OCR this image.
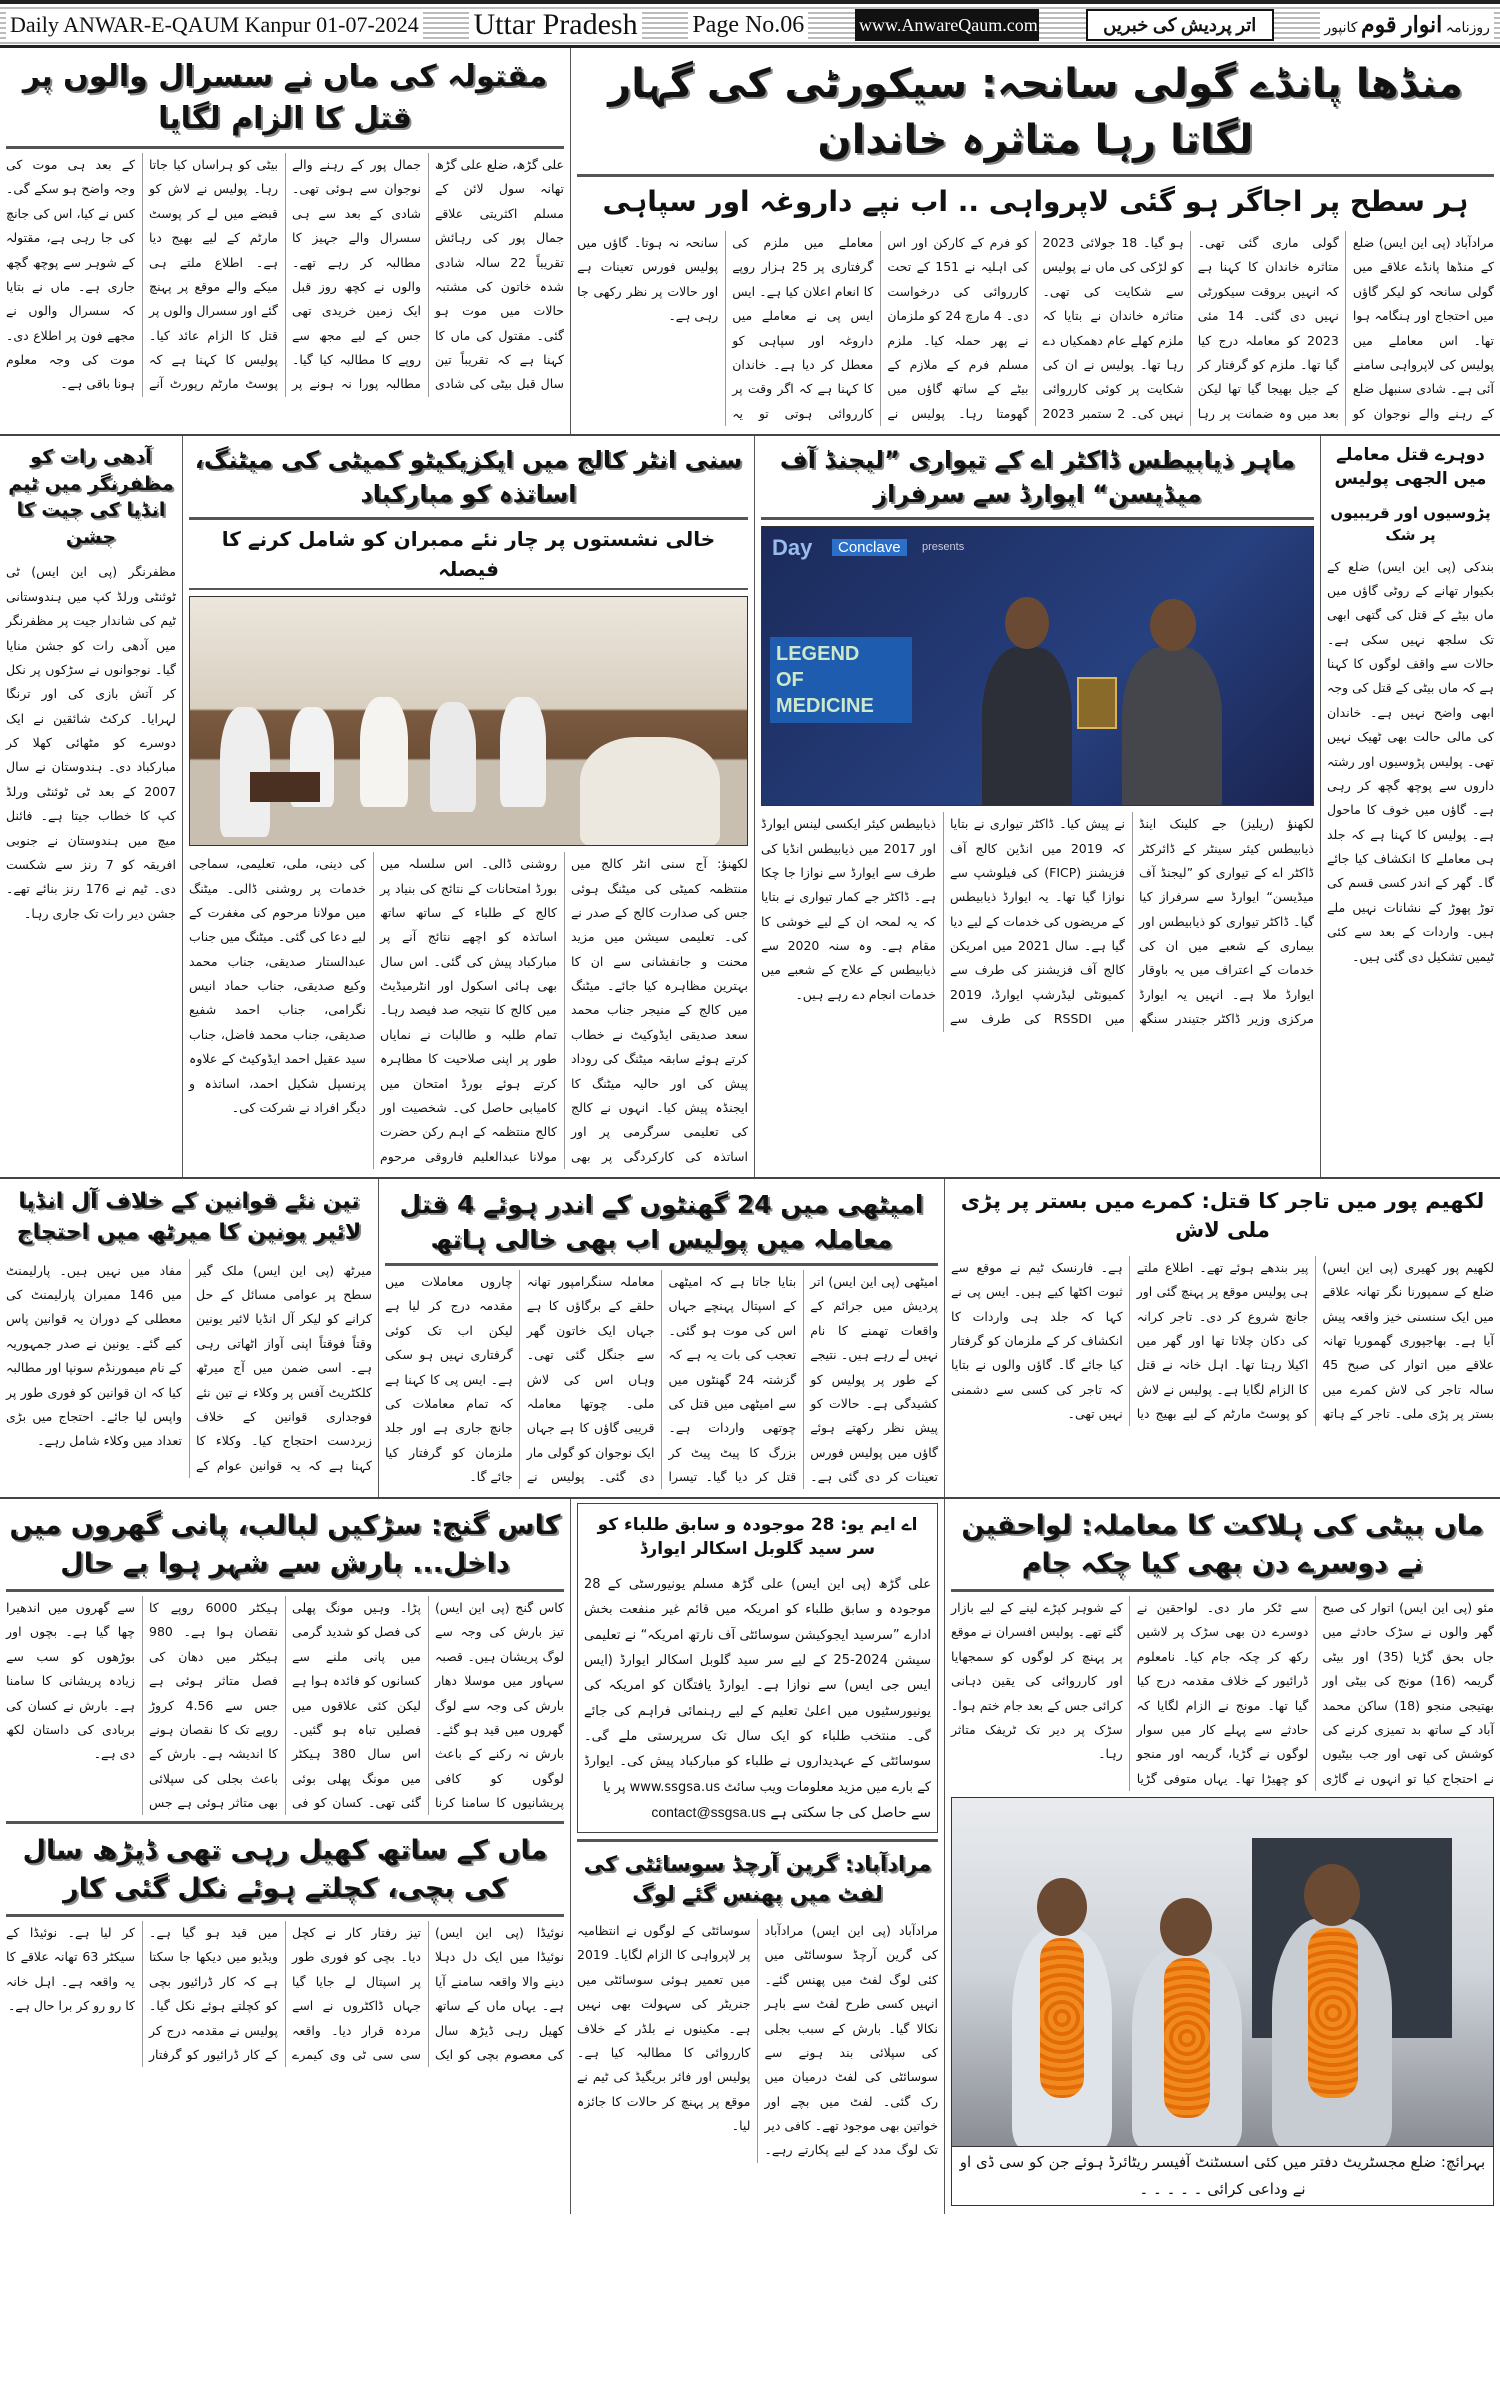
Daily ANWAR-E-QAUM Kanpur 01-07-2024 Uttar Pradesh Page No.06	www.AnwareQaum.com	اتر پردیش کی خبریں	روزنامہ انوار قوم کانپور
مقتولہ کی ماں نے سسرال والوں پر قتل کا الزام لگایا
علی گڑھ، ضلع علی گڑھ تھانہ سول لائن کے مسلم اکثریتی علاقے جمال پور کی رہائش تقریباً 22 سالہ شادی شدہ خاتون کی مشتبہ حالات میں موت ہو گئی۔ مقتول کی ماں کا کہنا ہے کہ تقریباً تین سال قبل بیٹی کی شادی جمال پور کے رہنے والے نوجوان سے ہوئی تھی۔ شادی کے بعد سے ہی سسرال والے جہیز کا مطالبہ کر رہے تھے۔ والوں نے کچھ روز قبل ایک زمین خریدی تھی جس کے لیے مجھ سے روپے کا مطالبہ کیا گیا۔ مطالبہ پورا نہ ہونے پر بیٹی کو ہراساں کیا جاتا رہا۔ پولیس نے لاش کو قبضے میں لے کر پوسٹ مارٹم کے لیے بھیج دیا ہے۔ اطلاع ملتے ہی میکے والے موقع پر پہنچ گئے اور سسرال والوں پر قتل کا الزام عائد کیا۔ پولیس کا کہنا ہے کہ پوسٹ مارٹم رپورٹ آنے کے بعد ہی موت کی وجہ واضح ہو سکے گی۔ کس نے کیا، اس کی جانچ کی جا رہی ہے، مقتولہ کے شوہر سے پوچھ گچھ جاری ہے۔ ماں نے بتایا کہ سسرال والوں نے مجھے فون پر اطلاع دی۔ موت کی وجہ معلوم ہونا باقی ہے۔
منڈھا پانڈے گولی سانحہ: سیکورٹی کی گہار لگاتا رہا متاثرہ خاندان
ہر سطح پر اجاگر ہو گئی لاپرواہی .. اب نپے داروغہ اور سپاہی
مرادآباد (پی این ایس) ضلع کے منڈھا پانڈے علاقے میں گولی سانحہ کو لیکر گاؤں میں احتجاج اور ہنگامہ ہوا تھا۔ اس معاملے میں پولیس کی لاپرواہی سامنے آئی ہے۔ شادی سنبھل ضلع کے رہنے والے نوجوان کو گولی ماری گئی تھی۔ متاثرہ خاندان کا کہنا ہے کہ انہیں بروقت سیکورٹی نہیں دی گئی۔ 14 مئی 2023 کو معاملہ درج کیا گیا تھا۔ ملزم کو گرفتار کر کے جیل بھیجا گیا تھا لیکن بعد میں وہ ضمانت پر رہا ہو گیا۔ 18 جولائی 2023 کو لڑکی کی ماں نے پولیس سے شکایت کی تھی۔ متاثرہ خاندان نے بتایا کہ ملزم کھلے عام دھمکیاں دے رہا تھا۔ پولیس نے ان کی شکایت پر کوئی کارروائی نہیں کی۔ 2 ستمبر 2023 کو فرم کے کارکن اور اس کی اہلیہ نے 151 کے تحت کارروائی کی درخواست دی۔ 4 مارچ 24 کو ملزمان نے پھر حملہ کیا۔ ملزم مسلم فرم کے ملازم کے بیٹے کے ساتھ گاؤں میں گھومتا رہا۔ پولیس نے معاملے میں ملزم کی گرفتاری پر 25 ہزار روپے کا انعام اعلان کیا ہے۔ ایس ایس پی نے معاملے میں داروغہ اور سپاہی کو معطل کر دیا ہے۔ خاندان کا کہنا ہے کہ اگر وقت پر کارروائی ہوتی تو یہ سانحہ نہ ہوتا۔ گاؤں میں پولیس فورس تعینات ہے اور حالات پر نظر رکھی جا رہی ہے۔
آدھی رات کو مظفرنگر میں ٹیم انڈیا کی جیت کا جشن
مظفرنگر (پی این ایس) ٹی ٹوئنٹی ورلڈ کپ میں ہندوستانی ٹیم کی شاندار جیت پر مظفرنگر میں آدھی رات کو جشن منایا گیا۔ نوجوانوں نے سڑکوں پر نکل کر آتش بازی کی اور ترنگا لہرایا۔ کرکٹ شائقین نے ایک دوسرے کو مٹھائی کھلا کر مبارکباد دی۔ ہندوستان نے سال 2007 کے بعد ٹی ٹوئنٹی ورلڈ کپ کا خطاب جیتا ہے۔ فائنل میچ میں ہندوستان نے جنوبی افریقہ کو 7 رنز سے شکست دی۔ ٹیم نے 176 رنز بنائے تھے۔ جشن دیر رات تک جاری رہا۔
سنی انٹر کالج میں ایکزیکیٹو کمیٹی کی میٹنگ، اساتذہ کو مبارکباد
خالی نشستوں پر چار نئے ممبران کو شامل کرنے کا فیصلہ
لکھنؤ: آج سنی انٹر کالج میں منتظمہ کمیٹی کی میٹنگ ہوئی جس کی صدارت کالج کے صدر نے کی۔ تعلیمی سیشن میں مزید محنت و جانفشانی سے ان کا بہترین مظاہرہ کیا جائے۔ میٹنگ میں کالج کے منیجر جناب محمد سعد صدیقی ایڈوکیٹ نے خطاب کرتے ہوئے سابقہ میٹنگ کی روداد پیش کی اور حالیہ میٹنگ کا ایجنڈہ پیش کیا۔ انہوں نے کالج کی تعلیمی سرگرمی پر اور اساتذہ کی کارکردگی پر بھی روشنی ڈالی۔ اس سلسلہ میں بورڈ امتحانات کے نتائج کی بنیاد پر کالج کے طلباء کے ساتھ ساتھ اساتذہ کو اچھے نتائج آنے پر مبارکباد پیش کی گئی۔ اس سال بھی ہائی اسکول اور انٹرمیڈیٹ میں کالج کا نتیجہ صد فیصد رہا۔ تمام طلبہ و طالبات نے نمایاں طور پر اپنی صلاحیت کا مظاہرہ کرتے ہوئے بورڈ امتحان میں کامیابی حاصل کی۔ شخصیت اور کالج منتظمہ کے اہم رکن حضرت مولانا عبدالعلیم فاروقی مرحوم کی دینی، ملی، تعلیمی، سماجی خدمات پر روشنی ڈالی۔ میٹنگ میں مولانا مرحوم کی مغفرت کے لیے دعا کی گئی۔ میٹنگ میں جناب عبدالستار صدیقی، جناب محمد وکیع صدیقی، جناب حماد انیس نگرامی، جناب احمد شفیع صدیقی، جناب محمد فاضل، جناب سید عقیل احمد ایڈوکیٹ کے علاوہ پرنسپل شکیل احمد، اساتذہ و دیگر افراد نے شرکت کی۔
ماہر ذیابیطس ڈاکٹر اے کے تیواری ”لیجنڈ آف میڈیسن“ ایوارڈ سے سرفراز
Day	Conclave	presents
LEGEND
OF
MEDICINE
لکھنؤ (ریلیز) جے کلینک اینڈ ذیابیطس کیئر سینٹر کے ڈائرکٹر ڈاکٹر اے کے تیواری کو ”لیجنڈ آف میڈیسن“ ایوارڈ سے سرفراز کیا گیا۔ ڈاکٹر تیواری کو ذیابیطس اور بیماری کے شعبے میں ان کی خدمات کے اعتراف میں یہ باوقار ایوارڈ ملا ہے۔ انہیں یہ ایوارڈ مرکزی وزیر ڈاکٹر جتیندر سنگھ نے پیش کیا۔ ڈاکٹر تیواری نے بتایا کہ 2019 میں انڈین کالج آف فزیشنز (FICP) کی فیلوشپ سے نوازا گیا تھا۔ یہ ایوارڈ ذیابیطس کے مریضوں کی خدمات کے لیے دیا گیا ہے۔ سال 2021 میں امریکن کالج آف فزیشنز کی طرف سے کمیونٹی لیڈرشپ ایوارڈ، 2019 میں RSSDI کی طرف سے ذیابیطس کیئر ایکسی لینس ایوارڈ اور 2017 میں ذیابیطس انڈیا کی طرف سے ایوارڈ سے نوازا جا چکا ہے۔ ڈاکٹر جے کمار تیواری نے بتایا کہ یہ لمحہ ان کے لیے خوشی کا مقام ہے۔ وہ سنہ 2020 سے ذیابیطس کے علاج کے شعبے میں خدمات انجام دے رہے ہیں۔
دوہرے قتل معاملے میں الجھی پولیس
پڑوسیوں اور قریبیوں پر شک
بندکی (پی این ایس) ضلع کے بکیوار تھانے کے روٹی گاؤں میں ماں بیٹے کے قتل کی گتھی ابھی تک سلجھ نہیں سکی ہے۔ حالات سے واقف لوگوں کا کہنا ہے کہ ماں بیٹی کے قتل کی وجہ ابھی واضح نہیں ہے۔ خاندان کی مالی حالت بھی ٹھیک نہیں تھی۔ پولیس پڑوسیوں اور رشتہ داروں سے پوچھ گچھ کر رہی ہے۔ گاؤں میں خوف کا ماحول ہے۔ پولیس کا کہنا ہے کہ جلد ہی معاملے کا انکشاف کیا جائے گا۔ گھر کے اندر کسی قسم کی توڑ پھوڑ کے نشانات نہیں ملے ہیں۔ واردات کے بعد سے کئی ٹیمیں تشکیل دی گئی ہیں۔
تین نئے قوانین کے خلاف آل انڈیا لائیر یونین کا میرٹھ میں احتجاج
میرٹھ (پی این ایس) ملک گیر سطح پر عوامی مسائل کے حل کرانے کو لیکر آل انڈیا لائیر یونین وقتاً فوقتاً اپنی آواز اٹھاتی رہی ہے۔ اسی ضمن میں آج میرٹھ کلکٹریٹ آفس پر وکلاء نے تین نئے فوجداری قوانین کے خلاف زبردست احتجاج کیا۔ وکلاء کا کہنا ہے کہ یہ قوانین عوام کے مفاد میں نہیں ہیں۔ پارلیمنٹ میں 146 ممبران پارلیمنٹ کی معطلی کے دوران یہ قوانین پاس کیے گئے۔ یونین نے صدر جمہوریہ کے نام میمورنڈم سونپا اور مطالبہ کیا کہ ان قوانین کو فوری طور پر واپس لیا جائے۔ احتجاج میں بڑی تعداد میں وکلاء شامل رہے۔
امیٹھی میں 24 گھنٹوں کے اندر ہوئے 4 قتل معاملہ میں پولیس اب بھی خالی ہاتھ
امیٹھی (پی این ایس) اتر پردیش میں جرائم کے واقعات تھمنے کا نام نہیں لے رہے ہیں۔ نتیجے کے طور پر پولیس کو کشیدگی ہے۔ حالات کو پیش نظر رکھتے ہوئے گاؤں میں پولیس فورس تعینات کر دی گئی ہے۔ بتایا جاتا ہے کہ امیٹھی کے اسپتال پہنچے جہاں اس کی موت ہو گئی۔ تعجب کی بات یہ ہے کہ گزشتہ 24 گھنٹوں میں سے امیٹھی میں قتل کی چوتھی واردات ہے۔ بزرگ کا پیٹ پیٹ کر قتل کر دیا گیا۔ تیسرا معاملہ سنگرامپور تھانہ حلقے کے برگاؤں کا ہے جہاں ایک خاتون گھر سے جنگل گئی تھی۔ وہاں اس کی لاش ملی۔ چوتھا معاملہ قریبی گاؤں کا ہے جہاں ایک نوجوان کو گولی مار دی گئی۔ پولیس نے چاروں معاملات میں مقدمہ درج کر لیا ہے لیکن اب تک کوئی گرفتاری نہیں ہو سکی ہے۔ ایس پی کا کہنا ہے کہ تمام معاملات کی جانچ جاری ہے اور جلد ملزمان کو گرفتار کیا جائے گا۔
لکھیم پور میں تاجر کا قتل: کمرے میں بستر پر پڑی ملی لاش
لکھیم پور کھیری (پی این ایس) ضلع کے سمپورنا نگر تھانہ علاقے میں ایک سنسنی خیز واقعہ پیش آیا ہے۔ بھاجپوری گھموریا تھانہ علاقے میں اتوار کی صبح 45 سالہ تاجر کی لاش کمرے میں بستر پر پڑی ملی۔ تاجر کے ہاتھ پیر بندھے ہوئے تھے۔ اطلاع ملتے ہی پولیس موقع پر پہنچ گئی اور جانچ شروع کر دی۔ تاجر کرانہ کی دکان چلاتا تھا اور گھر میں اکیلا رہتا تھا۔ اہل خانہ نے قتل کا الزام لگایا ہے۔ پولیس نے لاش کو پوسٹ مارٹم کے لیے بھیج دیا ہے۔ فارنسک ٹیم نے موقع سے ثبوت اکٹھا کیے ہیں۔ ایس پی نے کہا کہ جلد ہی واردات کا انکشاف کر کے ملزمان کو گرفتار کیا جائے گا۔ گاؤں والوں نے بتایا کہ تاجر کی کسی سے دشمنی نہیں تھی۔
کاس گنج: سڑکیں لبالب، پانی گھروں میں داخل... بارش سے شہر ہوا بے حال
کاس گنج (پی این ایس) تیز بارش کی وجہ سے لوگ پریشان ہیں۔ قصبہ سہاور میں موسلا دھار بارش کی وجہ سے لوگ گھروں میں قید ہو گئے۔ بارش نہ رکنے کے باعث لوگوں کو کافی پریشانیوں کا سامنا کرنا پڑا۔ وہیں مونگ پھلی کی فصل کو شدید گرمی میں پانی ملنے سے کسانوں کو فائدہ ہوا ہے لیکن کئی علاقوں میں فصلیں تباہ ہو گئیں۔ اس سال 380 ہیکٹر میں مونگ پھلی بوئی گئی تھی۔ کسان کو فی ہیکٹر 6000 روپے کا نقصان ہوا ہے۔ 980 ہیکٹر میں دھان کی فصل متاثر ہوئی ہے جس سے 4.56 کروڑ روپے تک کا نقصان ہونے کا اندیشہ ہے۔ بارش کے باعث بجلی کی سپلائی بھی متاثر ہوئی ہے جس سے گھروں میں اندھیرا چھا گیا ہے۔ بچوں اور بوڑھوں کو سب سے زیادہ پریشانی کا سامنا ہے۔ بارش نے کسان کی بربادی کی داستان لکھ دی ہے۔
ماں کے ساتھ کھیل رہی تھی ڈیڑھ سال کی بچی، کچلتے ہوئے نکل گئی کار
نوئیڈا (پی این ایس) نوئیڈا میں ایک دل دہلا دینے والا واقعہ سامنے آیا ہے۔ یہاں ماں کے ساتھ کھیل رہی ڈیڑھ سال کی معصوم بچی کو ایک تیز رفتار کار نے کچل دیا۔ بچی کو فوری طور پر اسپتال لے جایا گیا جہاں ڈاکٹروں نے اسے مردہ قرار دیا۔ واقعہ سی سی ٹی وی کیمرے میں قید ہو گیا ہے۔ ویڈیو میں دیکھا جا سکتا ہے کہ کار ڈرائیور بچی کو کچلتے ہوئے نکل گیا۔ پولیس نے مقدمہ درج کر کے کار ڈرائیور کو گرفتار کر لیا ہے۔ نوئیڈا کے سیکٹر 63 تھانہ علاقے کا یہ واقعہ ہے۔ اہل خانہ کا رو رو کر برا حال ہے۔
اے ایم یو: 28 موجودہ و سابق طلباء کو سر سید گلوبل اسکالر ایوارڈ
علی گڑھ (پی این ایس) علی گڑھ مسلم یونیورسٹی کے 28 موجودہ و سابق طلباء کو امریکہ میں قائم غیر منفعت بخش ادارے ”سرسید ایجوکیشن سوسائٹی آف نارتھ امریکہ“ نے تعلیمی سیشن 2024-25 کے لیے سر سید گلوبل اسکالر ایوارڈ (ایس ایس جی ایس) سے نوازا ہے۔ ایوارڈ یافتگان کو امریکہ کی یونیورسٹیوں میں اعلیٰ تعلیم کے لیے رہنمائی فراہم کی جائے گی۔ منتخب طلباء کو ایک سال تک سرپرستی ملے گی۔ سوسائٹی کے عہدیداروں نے طلباء کو مبارکباد پیش کی۔ ایوارڈ کے بارے میں مزید معلومات ویب سائٹ www.ssgsa.us پر یا
سے حاصل کی جا سکتی ہے contact@ssgsa.us
مرادآباد: گرین آرچڈ سوسائٹی کی لفٹ میں پھنس گئے لوگ
مرادآباد (پی این ایس) مرادآباد کی گرین آرچڈ سوسائٹی میں کئی لوگ لفٹ میں پھنس گئے۔ انہیں کسی طرح لفٹ سے باہر نکالا گیا۔ بارش کے سبب بجلی کی سپلائی بند ہونے سے سوسائٹی کی لفٹ درمیان میں رک گئی۔ لفٹ میں بچے اور خواتین بھی موجود تھے۔ کافی دیر تک لوگ مدد کے لیے پکارتے رہے۔ سوسائٹی کے لوگوں نے انتظامیہ پر لاپرواہی کا الزام لگایا۔ 2019 میں تعمیر ہوئی سوسائٹی میں جنریٹر کی سہولت بھی نہیں ہے۔ مکینوں نے بلڈر کے خلاف کارروائی کا مطالبہ کیا ہے۔ پولیس اور فائر بریگیڈ کی ٹیم نے موقع پر پہنچ کر حالات کا جائزہ لیا۔
ماں بیٹی کی ہلاکت کا معاملہ: لواحقین نے دوسرے دن بھی کیا چکہ جام
مئو (پی این ایس) اتوار کی صبح گھر والوں نے سڑک حادثے میں جاں بحق گڑیا (35) اور بیٹی گریمہ (16) مونج کی بیٹی اور بھتیجی منجو (18) ساکن محمد آباد کے ساتھ بد تمیزی کرنے کی کوشش کی تھی اور جب بیٹیوں نے احتجاج کیا تو انہوں نے گاڑی سے ٹکر مار دی۔ لواحقین نے دوسرے دن بھی سڑک پر لاشیں رکھ کر چکہ جام کیا۔ نامعلوم ڈرائیور کے خلاف مقدمہ درج کیا گیا تھا۔ مونج نے الزام لگایا کہ حادثے سے پہلے کار میں سوار لوگوں نے گڑیا، گریمہ اور منجو کو چھیڑا تھا۔ یہاں متوفی گڑیا کے شوہر کپڑے لینے کے لیے بازار گئے تھے۔ پولیس افسران نے موقع پر پہنچ کر لوگوں کو سمجھایا اور کارروائی کی یقین دہانی کرائی جس کے بعد جام ختم ہوا۔ سڑک پر دیر تک ٹریفک متاثر رہا۔
بہرائچ: ضلع مجسٹریٹ دفتر میں کئی اسسٹنٹ آفیسر ریٹائرڈ ہوئے جن کو سی ڈی او نے وداعی کرائی ۔ ۔ ۔ ۔ ۔
